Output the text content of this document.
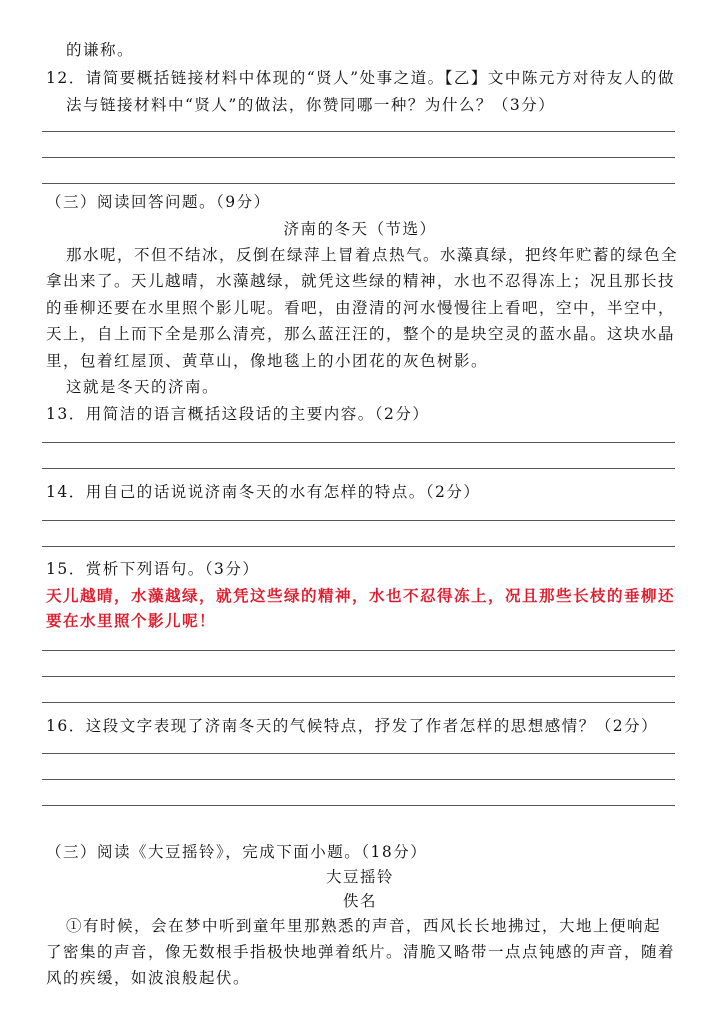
的谦称。
12．请简要概括链接材料中体现的“贤人”处事之道。【乙】文中陈元方对待友人的做
法与链接材料中“贤人”的做法，你赞同哪一种？为什么？（3分）
（三）阅读回答问题。（9分）
济南的冬天（节选）
那水呢，不但不结冰，反倒在绿萍上冒着点热气。水藻真绿，把终年贮蓄的绿色全
拿出来了。天儿越晴，水藻越绿，就凭这些绿的精神，水也不忍得冻上；况且那长技
的垂柳还要在水里照个影儿呢。看吧，由澄清的河水慢慢往上看吧，空中，半空中，
天上，自上而下全是那么清亮，那么蓝汪汪的，整个的是块空灵的蓝水晶。这块水晶
里，包着红屋顶、黄草山，像地毯上的小团花的灰色树影。
这就是冬天的济南。
13．用简洁的语言概括这段话的主要内容。（2分）
14．用自己的话说说济南冬天的水有怎样的特点。（2分）
15．赏析下列语句。（3分）
天儿越晴，水藻越绿，就凭这些绿的精神，水也不忍得冻上，况且那些长枝的垂柳还
要在水里照个影儿呢！
16．这段文字表现了济南冬天的气候特点，抒发了作者怎样的思想感情？（2分）
（三）阅读《大豆摇铃》，完成下面小题。（18分）
大豆摇铃
佚名
①有时候，会在梦中听到童年里那熟悉的声音，西风长长地拂过，大地上便响起
了密集的声音，像无数根手指极快地弹着纸片。清脆又略带一点点钝感的声音，随着
风的疾缓，如波浪般起伏。
